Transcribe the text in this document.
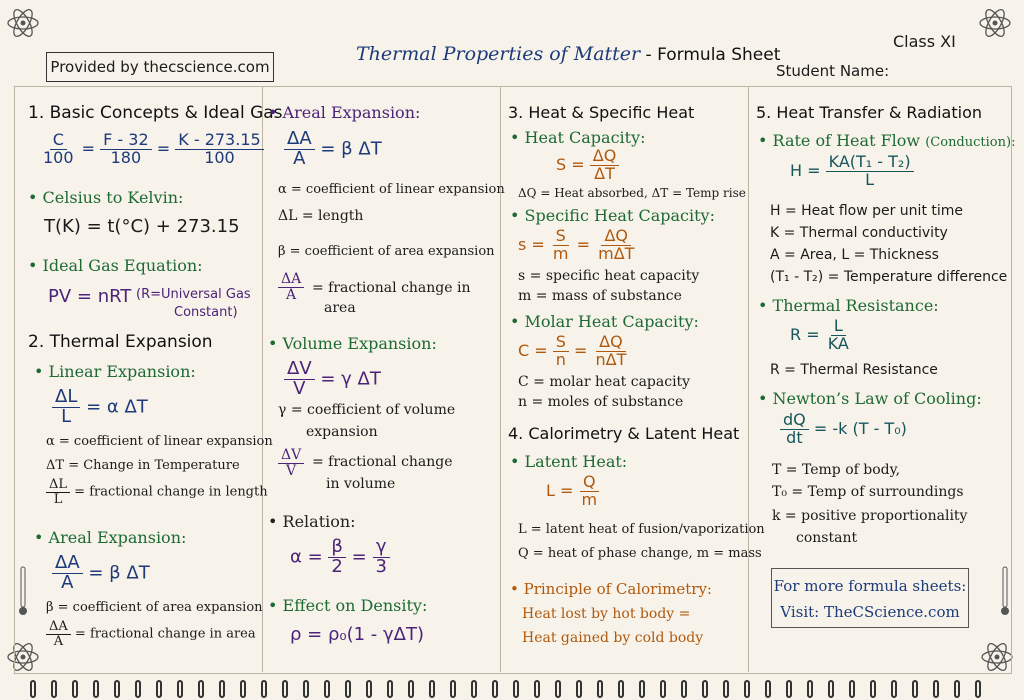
Provided by thecscience.com
Thermal Properties of Matter - Formula Sheet
Class XI
Student Name:
1. Basic Concepts & Ideal Gas
$\frac{C}{100} = \frac{F - 32}{180} = \frac{K - 273.15}{100}$
• Celsius to Kelvin:
T(K) = t(°C) + 273.15
• Ideal Gas Equation:
PV = nRT (R=Universal Gas
Constant)
2. Thermal Expansion
• Linear Expansion:
$\frac{\Delta L}{L} = \alpha$ ΔT
α = coefficient of linear expansion
ΔT = Change in Temperature
$\frac{\Delta L}{L}$ = fractional change in length
• Areal Expansion:
$\frac{\Delta A}{A} = \beta$ ΔT
β = coefficient of area expansion
$\frac{\Delta A}{A}$ = fractional change in area
• Areal Expansion:
$\frac{\Delta A}{A} = \beta$ ΔT
α = coefficient of linear expansion
ΔL = length
β = coefficient of area expansion
$\frac{\Delta A}{A}$ = fractional change in
area
• Volume Expansion:
$\frac{\Delta V}{V} = \gamma$ ΔT
γ = coefficient of volume
expansion
$\frac{\Delta V}{V}$ = fractional change
in volume
• Relation:
$\alpha = \frac{\beta}{2} = \frac{\gamma}{3}$
• Effect on Density:
ρ = ρ₀(1 - γΔT)
3. Heat & Specific Heat
• Heat Capacity:
$S = \frac{\Delta Q}{\Delta T}$
ΔQ = Heat absorbed, ΔT = Temp rise
• Specific Heat Capacity:
$s = \frac{S}{m} = \frac{\Delta Q}{\text{mΔT}}$
s = specific heat capacity
m = mass of substance
• Molar Heat Capacity:
$C = \frac{S}{n} = \frac{\Delta Q}{\text{nΔT}}$
C = molar heat capacity
n = moles of substance
4. Calorimetry & Latent Heat
• Latent Heat:
$L = \frac{Q}{m}$
L = latent heat of fusion/vaporization
Q = heat of phase change, m = mass
• Principle of Calorimetry:
Heat lost by hot body =
Heat gained by cold body
5. Heat Transfer & Radiation
• Rate of Heat Flow (Conduction):
$H = \frac{\text{KA(T₁ - T₂)}}{L}$
H = Heat flow per unit time
K = Thermal conductivity
A = Area, L = Thickness
(T₁ - T₂) = Temperature difference
• Thermal Resistance:
$R = \frac{L}{KA}$
R = Thermal Resistance
• Newton’s Law of Cooling:
$\frac{dQ}{dt} = -k$ (T - T₀)
T = Temp of body,
T₀ = Temp of surroundings
k = positive proportionality
constant
For more formula sheets:
Visit: TheCScience.com
